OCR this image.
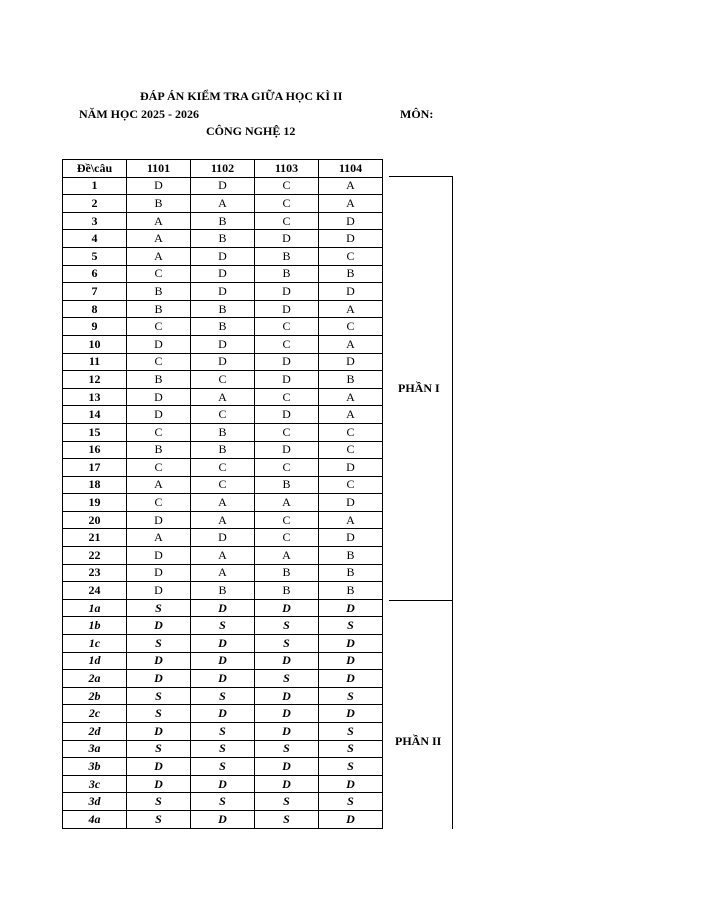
ĐÁP ÁN KIỂM TRA GIỮA HỌC KÌ II
NĂM HỌC 2025 - 2026	MÔN:
CÔNG NGHỆ 12
Đề\câu	1101	1102	1103	1104
1	D	D	C	A
2	B	A	C	A
3	A	B	C	D
4	A	B	D	D
5	A	D	B	C
6	C	D	B	B
7	B	D	D	D
8	B	B	D	A
9	C	B	C	C
10	D	D	C	A
11	C	D	D	D
12	B	C	D	B
13	D	A	C	A
14	D	C	D	A
15	C	B	C	C
16	B	B	D	C
17	C	C	C	D
18	A	C	B	C
19	C	A	A	D
20	D	A	C	A
21	A	D	C	D
22	D	A	A	B
23	D	A	B	B
24	D	B	B	B
1a	S	D	D	D
1b	D	S	S	S
1c	S	D	S	D
1d	D	D	D	D
2a	D	D	S	D
2b	S	S	D	S
2c	S	D	D	D
2d	D	S	D	S
3a	S	S	S	S
3b	D	S	D	S
3c	D	D	D	D
3d	S	S	S	S
4a	S	D	S	D
PHẦN I
PHẦN II
